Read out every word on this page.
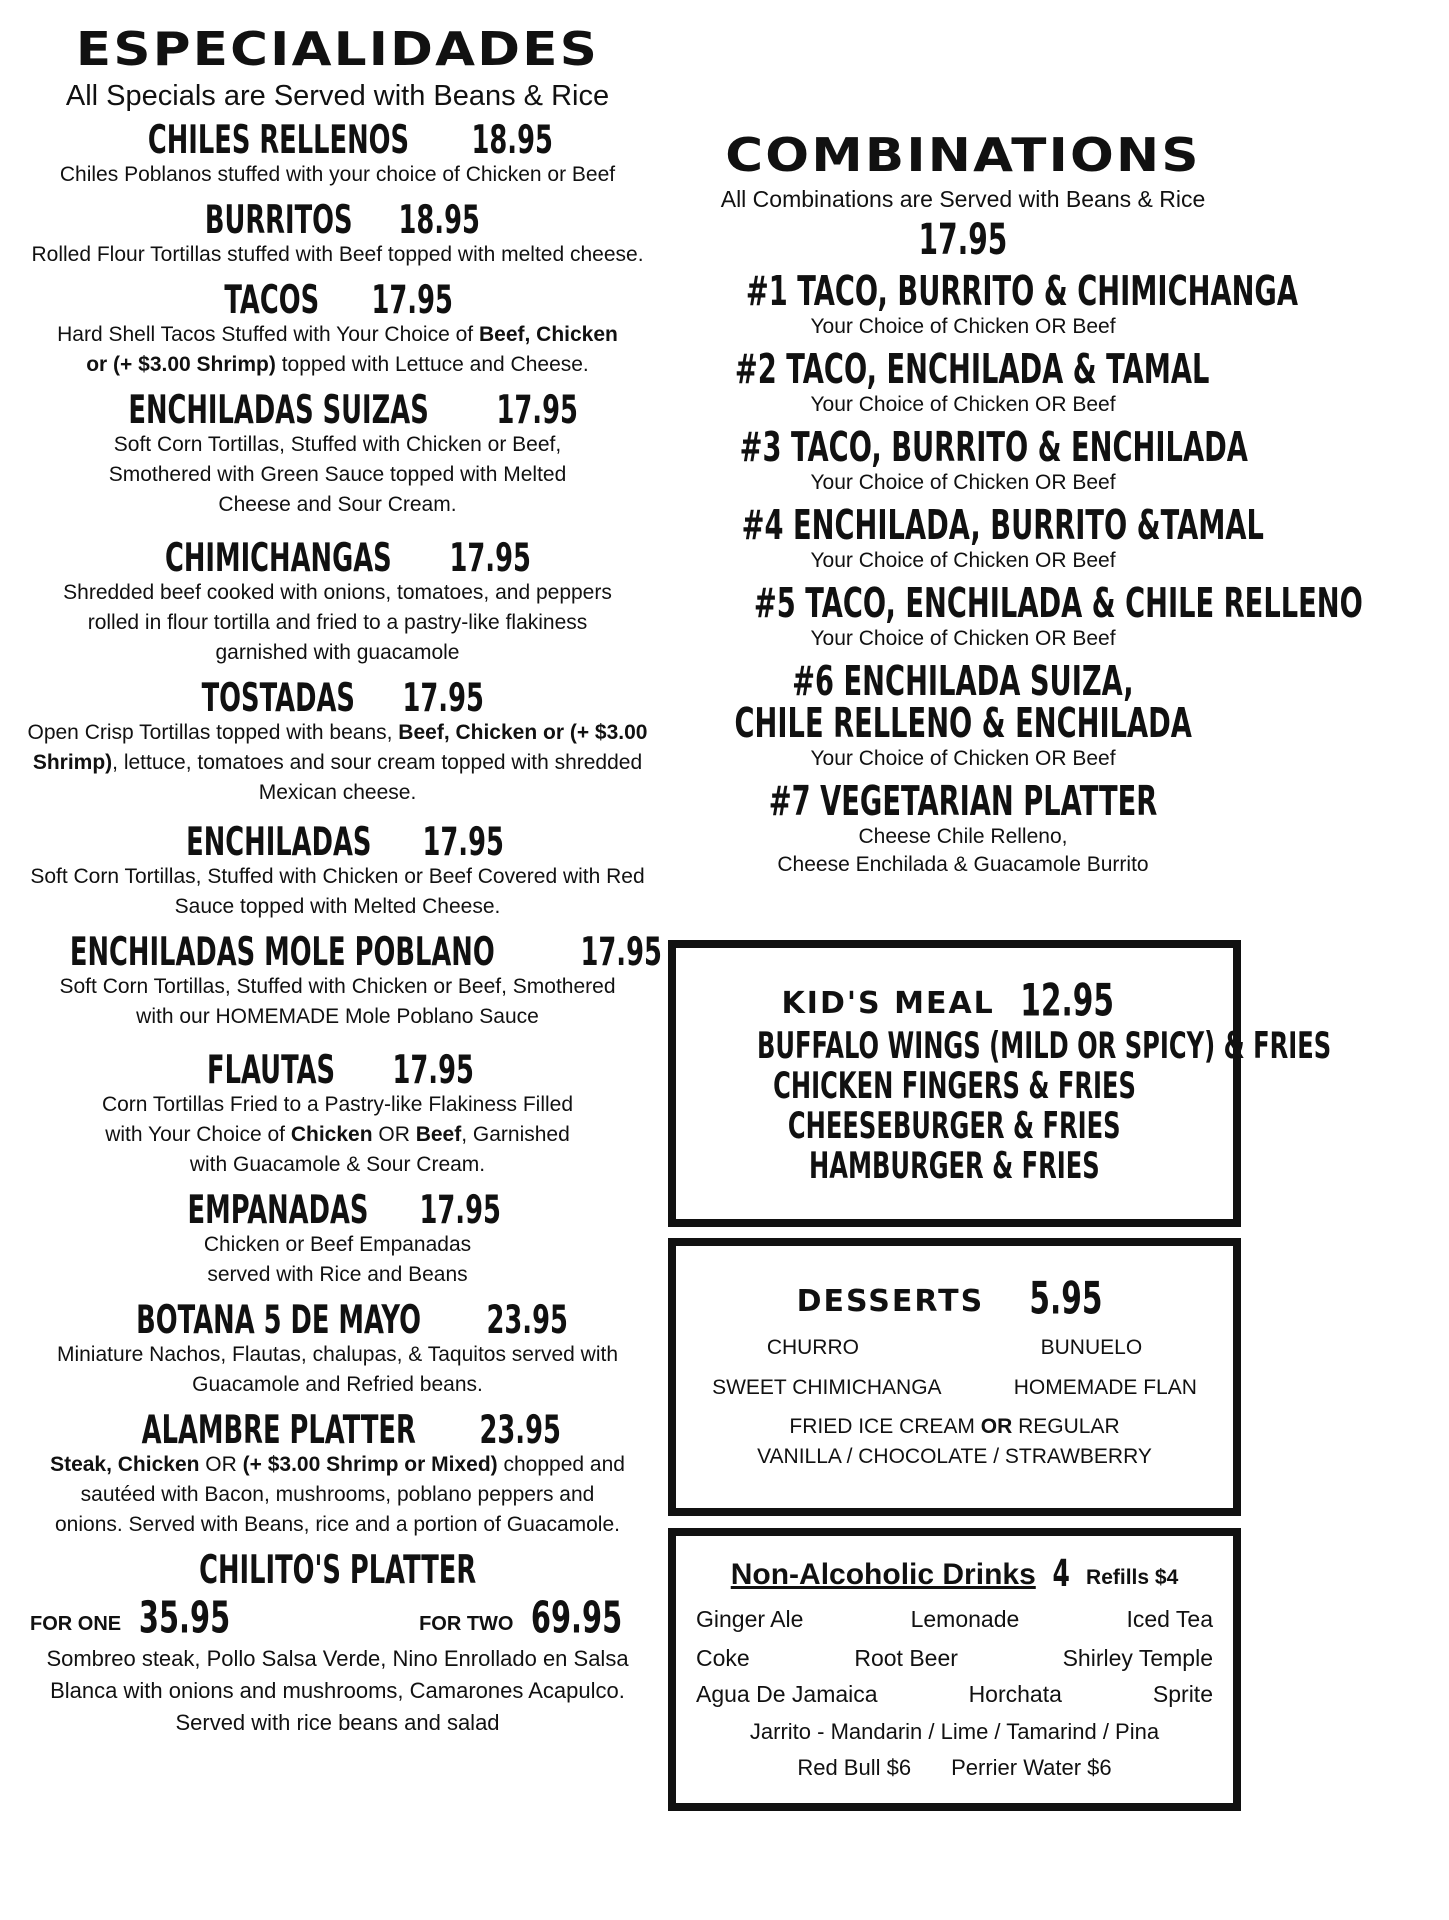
ESPECIALIDADES
All Specials are Served with Beans & Rice
CHILES RELLENOS 18.95
Chiles Poblanos stuffed with your choice of Chicken or Beef
BURRITOS 18.95
Rolled Flour Tortillas stuffed with Beef topped with melted cheese.
TACOS 17.95
Hard Shell Tacos Stuffed with Your Choice of Beef, Chicken or (+ $3.00 Shrimp) topped with Lettuce and Cheese.
ENCHILADAS SUIZAS 17.95
Soft Corn Tortillas, Stuffed with Chicken or Beef, Smothered with Green Sauce topped with Melted Cheese and Sour Cream.
CHIMICHANGAS 17.95
Shredded beef cooked with onions, tomatoes, and peppers rolled in flour tortilla and fried to a pastry-like flakiness garnished with guacamole
TOSTADAS 17.95
Open Crisp Tortillas topped with beans, Beef, Chicken or (+ $3.00 Shrimp), lettuce, tomatoes and sour cream topped with shredded Mexican cheese.
ENCHILADAS 17.95
Soft Corn Tortillas, Stuffed with Chicken or Beef Covered with Red Sauce topped with Melted Cheese.
ENCHILADAS MOLE POBLANO	17.95
Soft Corn Tortillas, Stuffed with Chicken or Beef, Smothered with our HOMEMADE Mole Poblano Sauce
FLAUTAS 17.95
Corn Tortillas Fried to a Pastry-like Flakiness Filled with Your Choice of Chicken OR Beef, Garnished with Guacamole & Sour Cream.
EMPANADAS 17.95
Chicken or Beef Empanadas served with Rice and Beans
BOTANA 5 DE MAYO 23.95
Miniature Nachos, Flautas, chalupas, & Taquitos served with Guacamole and Refried beans.
ALAMBRE PLATTER 23.95
Steak, Chicken OR (+ $3.00 Shrimp or Mixed) chopped and sautéed with Bacon, mushrooms, poblano peppers and onions. Served with Beans, rice and a portion of Guacamole.
CHILITO'S PLATTER
FOR ONE 35.95	FOR TWO 69.95
Sombreo steak, Pollo Salsa Verde, Nino Enrollado en Salsa Blanca with onions and mushrooms, Camarones Acapulco. Served with rice beans and salad
COMBINATIONS
All Combinations are Served with Beans & Rice
17.95
#1 TACO, BURRITO & CHIMICHANGA
Your Choice of Chicken OR Beef
#2 TACO, ENCHILADA & TAMAL
Your Choice of Chicken OR Beef
#3 TACO, BURRITO & ENCHILADA
Your Choice of Chicken OR Beef
#4 ENCHILADA, BURRITO &TAMAL
Your Choice of Chicken OR Beef
#5 TACO, ENCHILADA & CHILE RELLENO
Your Choice of Chicken OR Beef
#6 ENCHILADA SUIZA,
CHILE RELLENO & ENCHILADA
Your Choice of Chicken OR Beef
#7 VEGETARIAN PLATTER
Cheese Chile Relleno,
Cheese Enchilada & Guacamole Burrito
KID'S MEAL 12.95
BUFFALO WINGS (MILD OR SPICY) & FRIES
CHICKEN FINGERS & FRIES
CHEESEBURGER & FRIES
HAMBURGER & FRIES
DESSERTS 5.95
CHURRO	BUNUELO
SWEET CHIMICHANGA	HOMEMADE FLAN
FRIED ICE CREAM OR REGULAR
VANILLA / CHOCOLATE / STRAWBERRY
Non-Alcoholic Drinks 4 Refills $4
Ginger Ale	Lemonade	Iced Tea
Coke	Root Beer	Shirley Temple
Agua De Jamaica	Horchata	Sprite
Jarrito - Mandarin / Lime / Tamarind / Pina
Red Bull $6 Perrier Water $6
